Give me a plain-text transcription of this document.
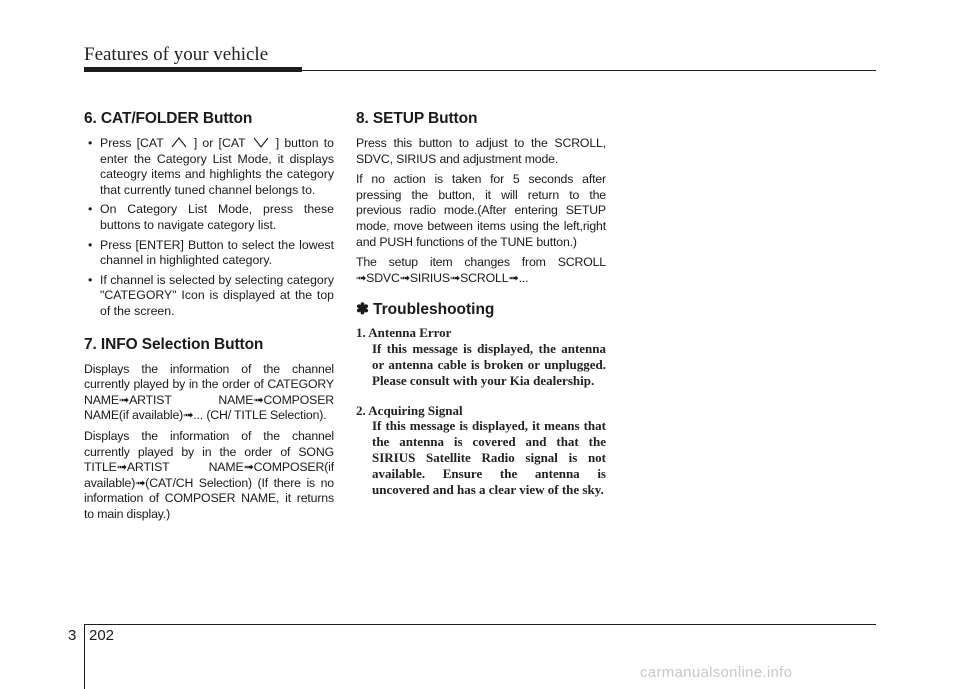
Features of your vehicle
6. CAT/FOLDER Button
• Press [CAT  ] or [CAT  ] button to enter the Category List Mode, it displays cateogry items and highlights the category that currently tuned channel belongs to.
• On Category List Mode, press these buttons to navigate category list.
• Press [ENTER] Button to select the lowest channel in highlighted category.
• If channel is selected by selecting category "CATEGORY" Icon is displayed at the top of the screen.
7. INFO Selection Button

Displays the information of the channel currently played by in the order of CATEGORY NAME➟ARTIST NAME➟COMPOSER NAME(if available)➟... (CH/ TITLE Selection).

Displays the information of the channel currently played by in the order of SONG TITLE➟ARTIST NAME➟COMPOSER(if available)➟(CAT/CH Selection) (If there is no information of COMPOSER NAME, it returns to main display.)

8. SETUP Button

Press this button to adjust to the SCROLL, SDVC, SIRIUS and adjustment mode.

If no action is taken for 5 seconds after pressing the button, it will return to the previous radio mode.(After entering SETUP mode, move between items using the left,right and PUSH functions of the TUNE button.)

The setup item changes from SCROLL ➟SDVC➟SIRIUS➟SCROLL➟...

✽ Troubleshooting
1. Antenna Error
If this message is displayed, the antenna or antenna cable is broken or unplugged. Please consult with your Kia dealership.
2. Acquiring Signal
If this message is displayed, it means that the antenna is covered and that the SIRIUS Satellite Radio signal is not available. Ensure the antenna is uncovered and has a clear view of the sky.
3 202
carmanualsonline.info
